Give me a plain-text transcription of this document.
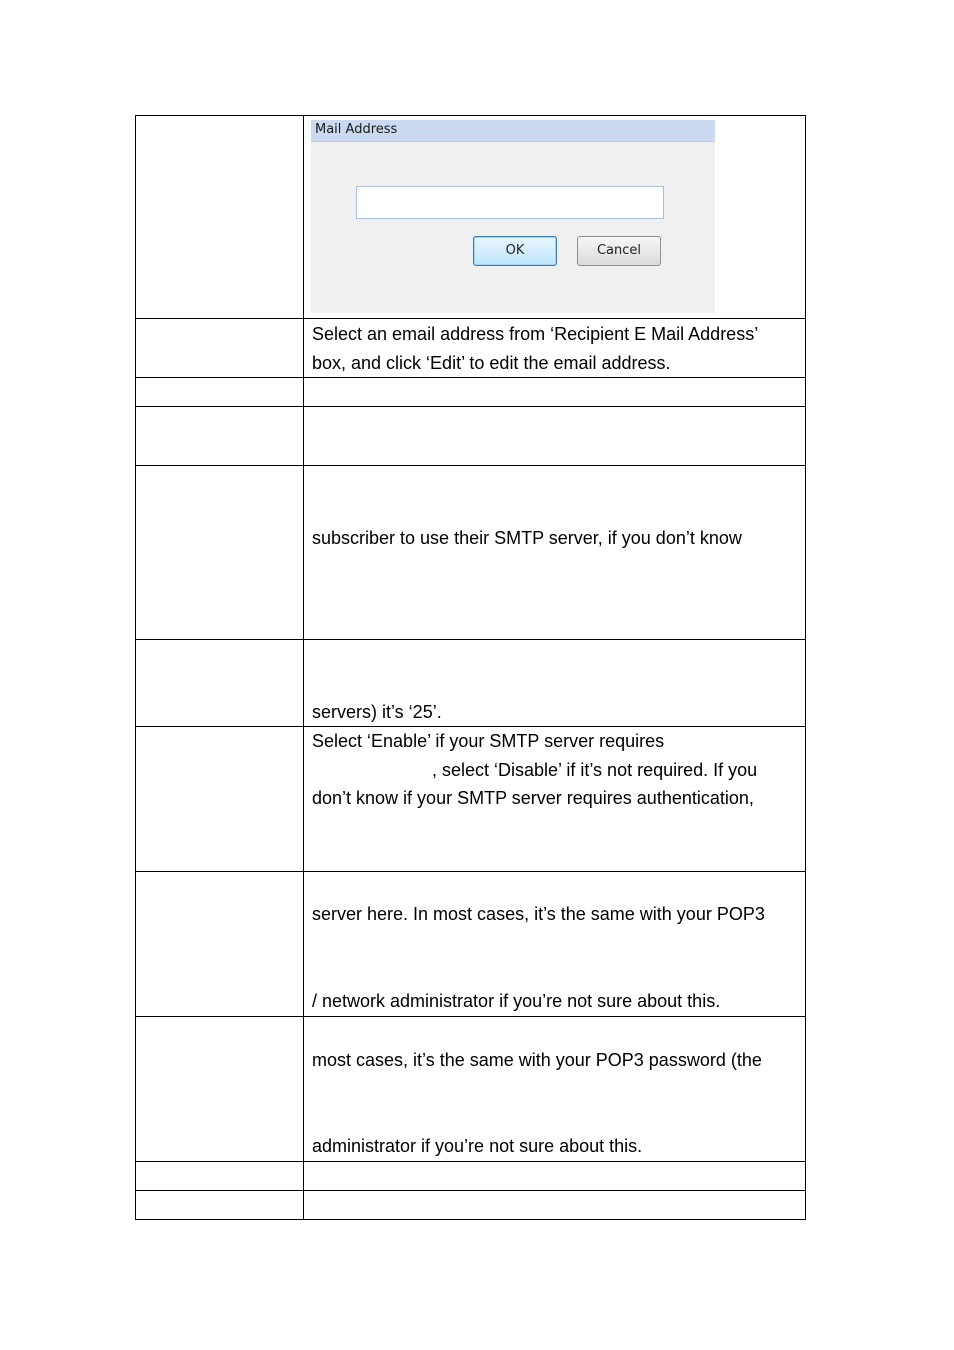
	Mail Address
OK Cancel

	Select an email address from ‘Recipient E Mail Address’
box, and click ‘Edit’ to edit the email address.

	subscriber to use their SMTP server, if you don’t know

	servers) it’s ‘25’.

	Select ‘Enable’ if your SMTP server requires
, select ‘Disable’ if it’s not required. If you
don’t know if your SMTP server requires authentication,

	server here. In most cases, it’s the same with your POP3
/ network administrator if you’re not sure about this.

	most cases, it’s the same with your POP3 password (the
administrator if you’re not sure about this.
